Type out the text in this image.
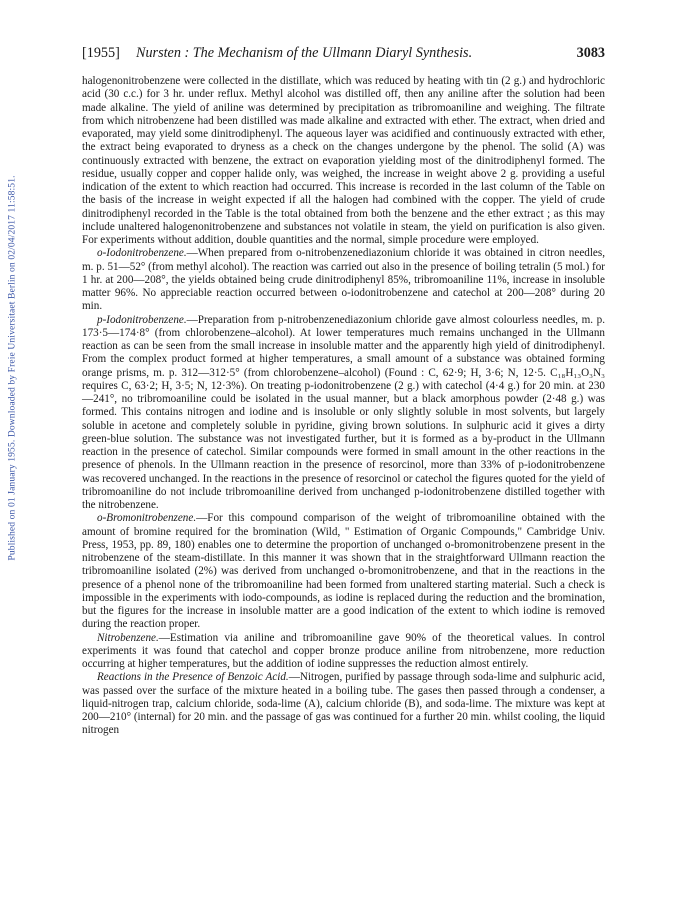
Published on 01 January 1955. Downloaded by Freie Universitaet Berlin on 02/04/2017 11:58:51.
[1955] Nursten : The Mechanism of the Ullmann Diaryl Synthesis.	3083

halogenonitrobenzene were collected in the distillate, which was reduced by heating with tin (2 g.) and hydrochloric acid (30 c.c.) for 3 hr. under reflux. Methyl alcohol was distilled off, then any aniline after the solution had been made alkaline. The yield of aniline was determined by precipitation as tribromoaniline and weighing. The filtrate from which nitrobenzene had been distilled was made alkaline and extracted with ether. The extract, when dried and evaporated, may yield some dinitrodiphenyl. The aqueous layer was acidified and continuously extracted with ether, the extract being evaporated to dryness as a check on the changes undergone by the phenol. The solid (A) was continuously extracted with benzene, the extract on evaporation yielding most of the dinitrodiphenyl formed. The residue, usually copper and copper halide only, was weighed, the increase in weight above 2 g. providing a useful indication of the extent to which reaction had occurred. This increase is recorded in the last column of the Table on the basis of the increase in weight expected if all the halogen had combined with the copper. The yield of crude dinitrodiphenyl recorded in the Table is the total obtained from both the benzene and the ether extract ; as this may include unaltered halogenonitrobenzene and substances not volatile in steam, the yield on purification is also given. For experiments without addition, double quantities and the normal, simple procedure were employed.

o-Iodonitrobenzene.—When prepared from o-nitrobenzenediazonium chloride it was obtained in citron needles, m. p. 51—52° (from methyl alcohol). The reaction was carried out also in the presence of boiling tetralin (5 mol.) for 1 hr. at 200—208°, the yields obtained being crude dinitrodiphenyl 85%, tribromoaniline 11%, increase in insoluble matter 96%. No appreciable reaction occurred between o-iodonitrobenzene and catechol at 200—208° during 20 min.

p-Iodonitrobenzene.—Preparation from p-nitrobenzenediazonium chloride gave almost colourless needles, m. p. 173·5—174·8° (from chlorobenzene–alcohol). At lower temperatures much remains unchanged in the Ullmann reaction as can be seen from the small increase in insoluble matter and the apparently high yield of dinitrodiphenyl. From the complex product formed at higher temperatures, a small amount of a substance was obtained forming orange prisms, m. p. 312—312·5° (from chlorobenzene–alcohol) (Found : C, 62·9; H, 3·6; N, 12·5. C₁₈H₁₃O₃N₃ requires C, 63·2; H, 3·5; N, 12·3%). On treating p-iodonitrobenzene (2 g.) with catechol (4·4 g.) for 20 min. at 230—241°, no tribromoaniline could be isolated in the usual manner, but a black amorphous powder (2·48 g.) was formed. This contains nitrogen and iodine and is insoluble or only slightly soluble in most solvents, but largely soluble in acetone and completely soluble in pyridine, giving brown solutions. In sulphuric acid it gives a dirty green-blue solution. The substance was not investigated further, but it is formed as a by-product in the Ullmann reaction in the presence of catechol. Similar compounds were formed in small amount in the other reactions in the presence of phenols. In the Ullmann reaction in the presence of resorcinol, more than 33% of p-iodonitrobenzene was recovered unchanged. In the reactions in the presence of resorcinol or catechol the figures quoted for the yield of tribromoaniline do not include tribromoaniline derived from unchanged p-iodonitrobenzene distilled together with the nitrobenzene.

o-Bromonitrobenzene.—For this compound comparison of the weight of tribromoaniline obtained with the amount of bromine required for the bromination (Wild, " Estimation of Organic Compounds," Cambridge Univ. Press, 1953, pp. 89, 180) enables one to determine the proportion of unchanged o-bromonitrobenzene present in the nitrobenzene of the steam-distillate. In this manner it was shown that in the straightforward Ullmann reaction the tribromoaniline isolated (2%) was derived from unchanged o-bromonitrobenzene, and that in the reactions in the presence of a phenol none of the tribromoaniline had been formed from unaltered starting material. Such a check is impossible in the experiments with iodo-compounds, as iodine is replaced during the reduction and the bromination, but the figures for the increase in insoluble matter are a good indication of the extent to which iodine is removed during the reaction proper.

Nitrobenzene.—Estimation via aniline and tribromoaniline gave 90% of the theoretical values. In control experiments it was found that catechol and copper bronze produce aniline from nitrobenzene, more reduction occurring at higher temperatures, but the addition of iodine suppresses the reduction almost entirely.

Reactions in the Presence of Benzoic Acid.—Nitrogen, purified by passage through soda-lime and sulphuric acid, was passed over the surface of the mixture heated in a boiling tube. The gases then passed through a condenser, a liquid-nitrogen trap, calcium chloride, soda-lime (A), calcium chloride (B), and soda-lime. The mixture was kept at 200—210° (internal) for 20 min. and the passage of gas was continued for a further 20 min. whilst cooling, the liquid nitrogen
